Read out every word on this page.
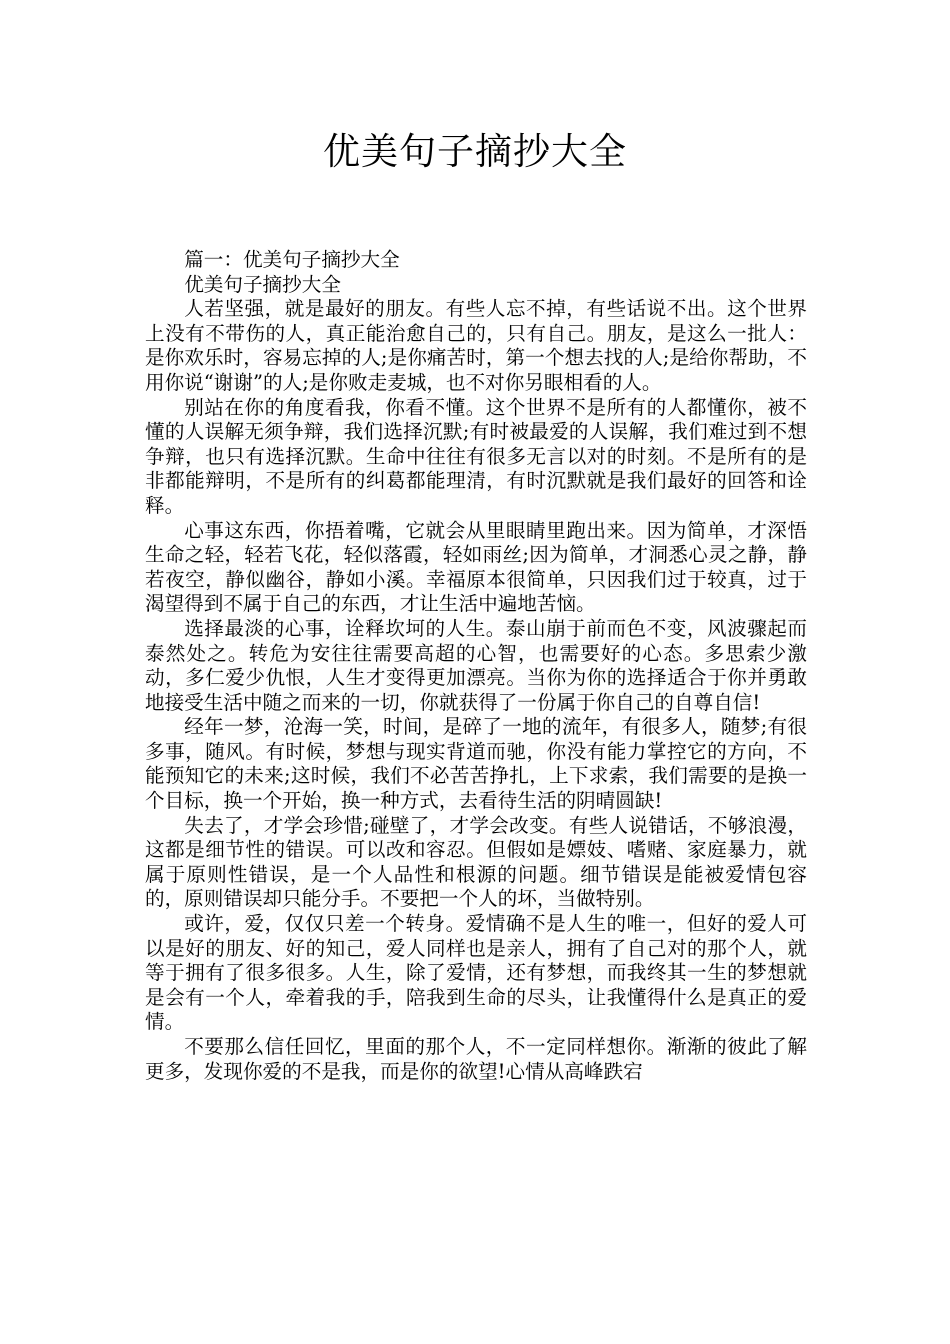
优美句子摘抄大全

篇一：优美句子摘抄大全

优美句子摘抄大全

人若坚强，就是最好的朋友。有些人忘不掉，有些话说不出。这个世界上没有不带伤的人，真正能治愈自己的，只有自己。朋友，是这么一批人：是你欢乐时，容易忘掉的人;是你痛苦时，第一个想去找的人;是给你帮助，不用你说“谢谢”的人;是你败走麦城，也不对你另眼相看的人。

别站在你的角度看我，你看不懂。这个世界不是所有的人都懂你，被不懂的人误解无须争辩，我们选择沉默;有时被最爱的人误解，我们难过到不想争辩，也只有选择沉默。生命中往往有很多无言以对的时刻。不是所有的是非都能辩明，不是所有的纠葛都能理清，有时沉默就是我们最好的回答和诠释。

心事这东西，你捂着嘴，它就会从里眼睛里跑出来。因为简单，才深悟生命之轻，轻若飞花，轻似落霞，轻如雨丝;因为简单，才洞悉心灵之静，静若夜空，静似幽谷，静如小溪。幸福原本很简单，只因我们过于较真，过于渴望得到不属于自己的东西，才让生活中遍地苦恼。

选择最淡的心事，诠释坎坷的人生。泰山崩于前而色不变，风波骤起而泰然处之。转危为安往往需要高超的心智，也需要好的心态。多思索少激动，多仁爱少仇恨，人生才变得更加漂亮。当你为你的选择适合于你并勇敢地接受生活中随之而来的一切，你就获得了一份属于你自己的自尊自信!

经年一梦，沧海一笑，时间，是碎了一地的流年，有很多人，随梦;有很多事，随风。有时候，梦想与现实背道而驰，你没有能力掌控它的方向，不能预知它的未来;这时候，我们不必苦苦挣扎，上下求索，我们需要的是换一个目标，换一个开始，换一种方式，去看待生活的阴晴圆缺!

失去了，才学会珍惜;碰壁了，才学会改变。有些人说错话，不够浪漫，这都是细节性的错误。可以改和容忍。但假如是嫖妓、嗜赌、家庭暴力，就属于原则性错误，是一个人品性和根源的问题。细节错误是能被爱情包容的，原则错误却只能分手。不要把一个人的坏，当做特别。

或许，爱，仅仅只差一个转身。爱情确不是人生的唯一，但好的爱人可以是好的朋友、好的知己，爱人同样也是亲人，拥有了自己对的那个人，就等于拥有了很多很多。人生，除了爱情，还有梦想，而我终其一生的梦想就是会有一个人，牵着我的手，陪我到生命的尽头，让我懂得什么是真正的爱情。

不要那么信任回忆，里面的那个人，不一定同样想你。渐渐的彼此了解更多，发现你爱的不是我，而是你的欲望!心情从高峰跌宕
